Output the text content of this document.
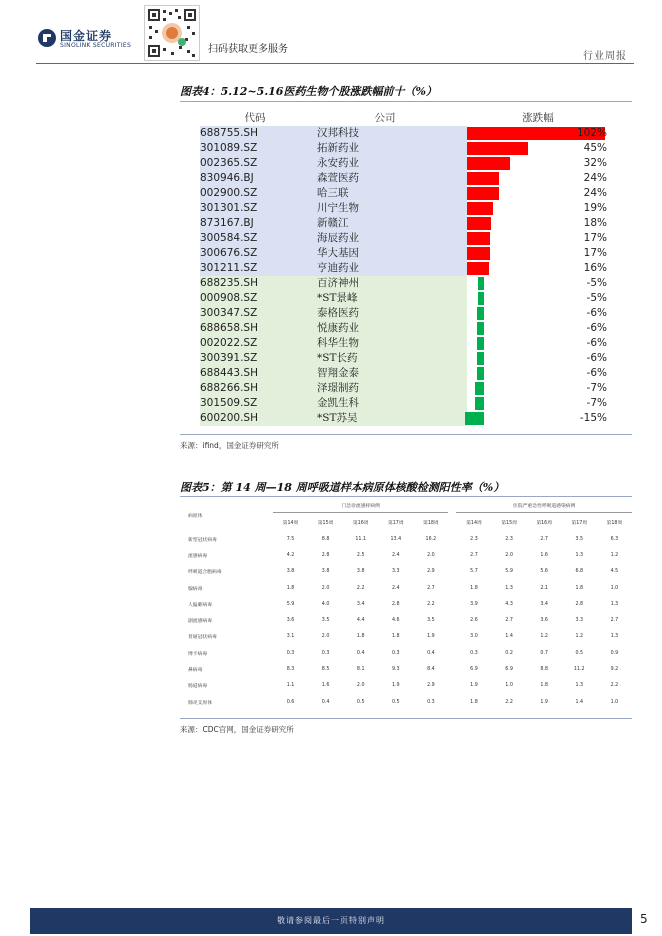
国金证券
SINOLINK SECURITIES	扫码获取更多服务
行业周报
图表4：5.12~5.16医药生物个股涨跌幅前十（%）
代码	公司	涨跌幅
688755.SH	汉邦科技	102%
301089.SZ	拓新药业	45%
002365.SZ	永安药业	32%
830946.BJ	森萱医药	24%
002900.SZ	哈三联	24%
301301.SZ	川宁生物	19%
873167.BJ	新赣江	18%
300584.SZ	海辰药业	17%
300676.SZ	华大基因	17%
301211.SZ	亨迪药业	16%
688235.SH	百济神州	-5%
000908.SZ	*ST景峰	-5%
300347.SZ	泰格医药	-6%
688658.SH	悦康药业	-6%
002022.SZ	科华生物	-6%
300391.SZ	*ST长药	-6%
688443.SH	智翔金泰	-6%
688266.SH	泽璟制药	-7%
301509.SZ	金凯生科	-7%
600200.SH	*ST苏吴	-15%
来源：ifind，国金证券研究所
图表5：第 14 周—18 周呼吸道样本病原体核酸检测阳性率（%）
病原体	门急诊流感样病例						住院严重急性呼吸道感染病例				
	第14周	第15周	第16周	第17周	第18周		第14周	第15周	第16周	第17周	第18周
新型冠状病毒	7.5	8.8	11.1	13.4	16.2		2.3	2.3	2.7	3.5	6.3
流感病毒	4.2	2.8	2.5	2.4	2.0		2.7	2.0	1.6	1.3	1.2
呼吸道合胞病毒	3.8	3.8	3.8	3.3	2.9		5.7	5.9	5.6	6.8	4.5
腺病毒	1.8	2.0	2.2	2.4	2.7		1.8	1.3	2.1	1.8	1.0
人偏肺病毒	5.9	4.0	3.4	2.8	2.2		3.9	4.3	3.4	2.8	1.3
副流感病毒	3.6	3.5	4.4	4.6	3.5		2.6	2.7	3.6	3.3	2.7
普通冠状病毒	3.1	2.0	1.8	1.8	1.9		3.0	1.4	1.2	1.2	1.3
博卡病毒	0.3	0.3	0.4	0.3	0.4		0.3	0.2	0.7	0.5	0.9
鼻病毒	8.3	8.5	8.1	9.3	8.4		6.9	6.9	8.8	11.2	9.2
肠道病毒	1.1	1.6	2.0	1.9	2.9		1.9	1.0	1.8	1.3	2.2
肺炎支原体	0.6	0.4	0.5	0.5	0.3		1.8	2.2	1.9	1.4	1.0
来源：CDC官网，国金证券研究所
敬请参阅最后一页特别声明	5
